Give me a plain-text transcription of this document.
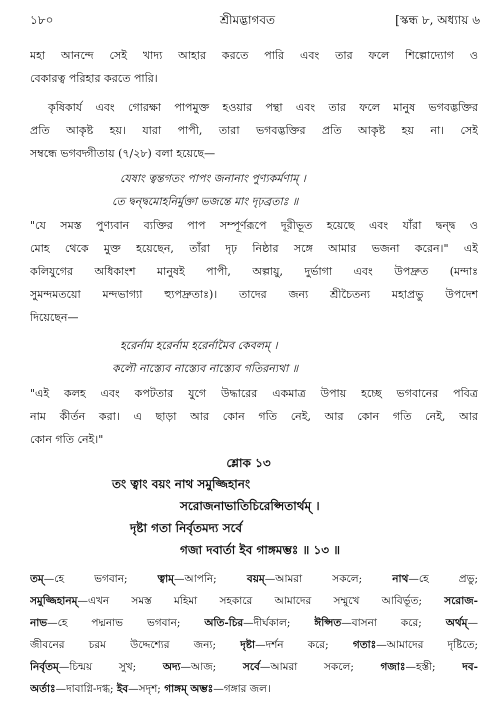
১৮০	শ্রীমদ্ভাগবত	[স্কন্ধ ৮, অধ্যায় ৬
মহা আনন্দে সেই খাদ্য আহার করতে পারি এবং তার ফলে শিল্পোদ্যোগ ও
বেকারত্ব পরিহার করতে পারি।
কৃষিকার্য এবং গোরক্ষা পাপমুক্ত হওয়ার পন্থা এবং তার ফলে মানুষ ভগবদ্ভক্তির
প্রতি আকৃষ্ট হয়। যারা পাপী, তারা ভগবদ্ভক্তির প্রতি আকৃষ্ট হয় না। সেই
সম্বন্ধে ভগবদ্গীতায় (৭/২৮) বলা হয়েছে—
যেষাং ত্বন্তগতং পাপং জনানাং পুণ্যকর্মণাম্ ।
তে দ্বন্দ্বমোহনির্মুক্তা ভজন্তে মাং দৃঢ়ব্রতাঃ ॥
"যে সমস্ত পুণ্যবান ব্যক্তির পাপ সম্পূর্ণরূপে দূরীভূত হয়েছে এবং যাঁরা দ্বন্দ্ব ও
মোহ থেকে মুক্ত হয়েছেন, তাঁরা দৃঢ় নিষ্ঠার সঙ্গে আমার ভজনা করেন।" এই
কলিযুগের অধিকাংশ মানুষই পাপী, অল্পায়ু, দুর্ভাগা এবং উপদ্রুত (মন্দাঃ
সুমন্দমতয়ো মন্দভাগ্যা হ্যুপদ্রুতাঃ)। তাদের জন্য শ্রীচৈতন্য মহাপ্রভু উপদেশ
দিয়েছেন—
হরের্নাম হরের্নাম হরের্নামৈব কেবলম্ ।
কলৌ নাস্ত্যেব নাস্ত্যেব নাস্ত্যেব গতিরন্যথা ॥
"এই কলহ এবং কপটতার যুগে উদ্ধারের একমাত্র উপায় হচ্ছে ভগবানের পবিত্র
নাম কীর্তন করা। এ ছাড়া আর কোন গতি নেই, আর কোন গতি নেই, আর
কোন গতি নেই।"
শ্লোক ১৩
তং ত্বাং বয়ং নাথ সমুজ্জিহানং
সরোজনাভাতিচিরেপ্সিতার্থম্ ।
দৃষ্টা গতা নির্বৃতমদ্য সর্বে
গজা দবার্তা ইব গাঙ্গমম্ভঃ ॥ ১৩ ॥
তম্—হে ভগবান; ত্বাম্—আপনি; বয়ম্—আমরা সকলে; নাথ—হে প্রভু;
সমুজ্জিহানম্—এখন সমস্ত মহিমা সহকারে আমাদের সম্মুখে আবির্ভূত; সরোজ-
নাভ—হে পদ্মনাভ ভগবান; অতি-চির—দীর্ঘকাল; ঈপ্সিত—বাসনা করে; অর্থম্—
জীবনের চরম উদ্দেশ্যের জন্য; দৃষ্টা—দর্শন করে; গতাঃ—আমাদের দৃষ্টিতে;
নির্বৃতম্—চিন্ময় সুখ; অদ্য—আজ; সর্বে—আমরা সকলে; গজাঃ—হস্তী; দব-
অর্তাঃ—দাবাগ্নি-দগ্ধ; ইব—সদৃশ; গাঙ্গম্ অম্ভঃ—গঙ্গার জল।
